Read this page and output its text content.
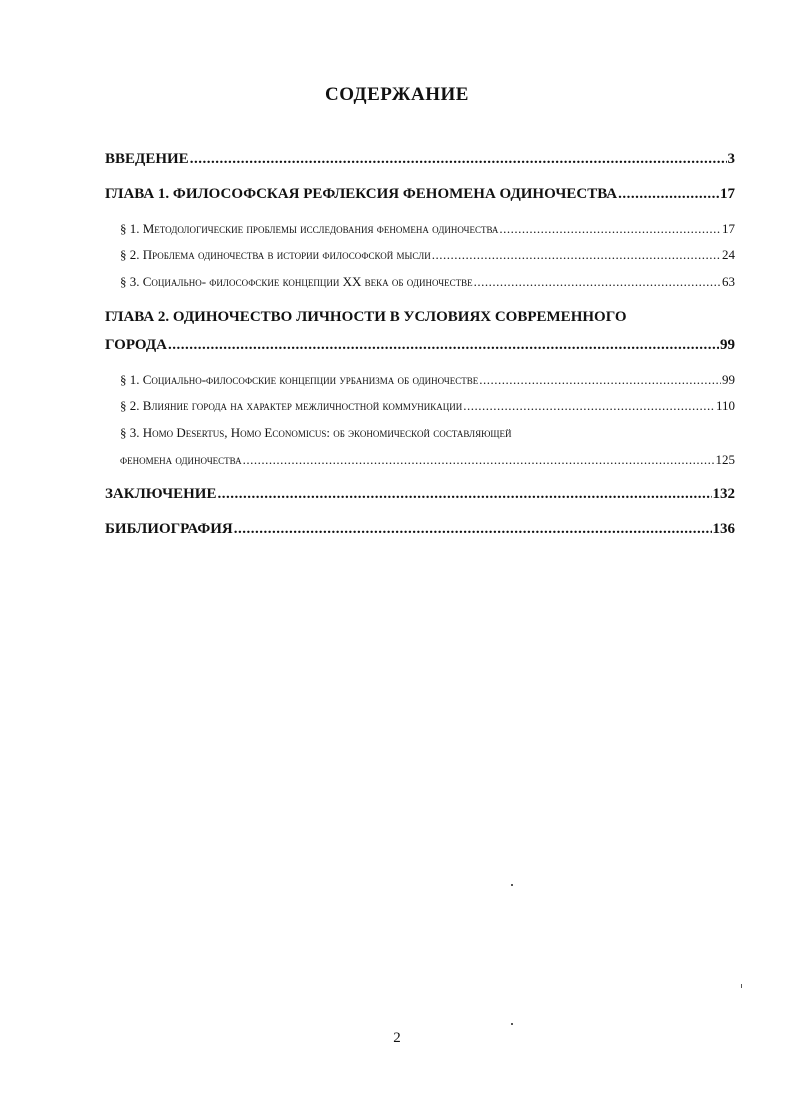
СОДЕРЖАНИЕ
ВВЕДЕНИЕ .....	3
ГЛАВА 1. ФИЛОСОФСКАЯ РЕФЛЕКСИЯ ФЕНОМЕНА ОДИНОЧЕСТВА .....	17
§ 1. Методологические проблемы исследования феномена одиночества .....	17
§ 2. Проблема одиночества в истории философской мысли .....	24
§ 3. Социально- философские концепции XX века об одиночестве .....	63
ГЛАВА 2. ОДИНОЧЕСТВО ЛИЧНОСТИ В УСЛОВИЯХ СОВРЕМЕННОГО
ГОРОДА .....	99
§ 1. Социально-философские концепции урбанизма об одиночестве .....	99
§ 2. Влияние города на характер межличностной коммуникации .....	110
§ 3. Homo Desertus, Homo Economicus: об экономической составляющей
феномена одиночества .....	125
ЗАКЛЮЧЕНИЕ .....	132
БИБЛИОГРАФИЯ .....	136
2
